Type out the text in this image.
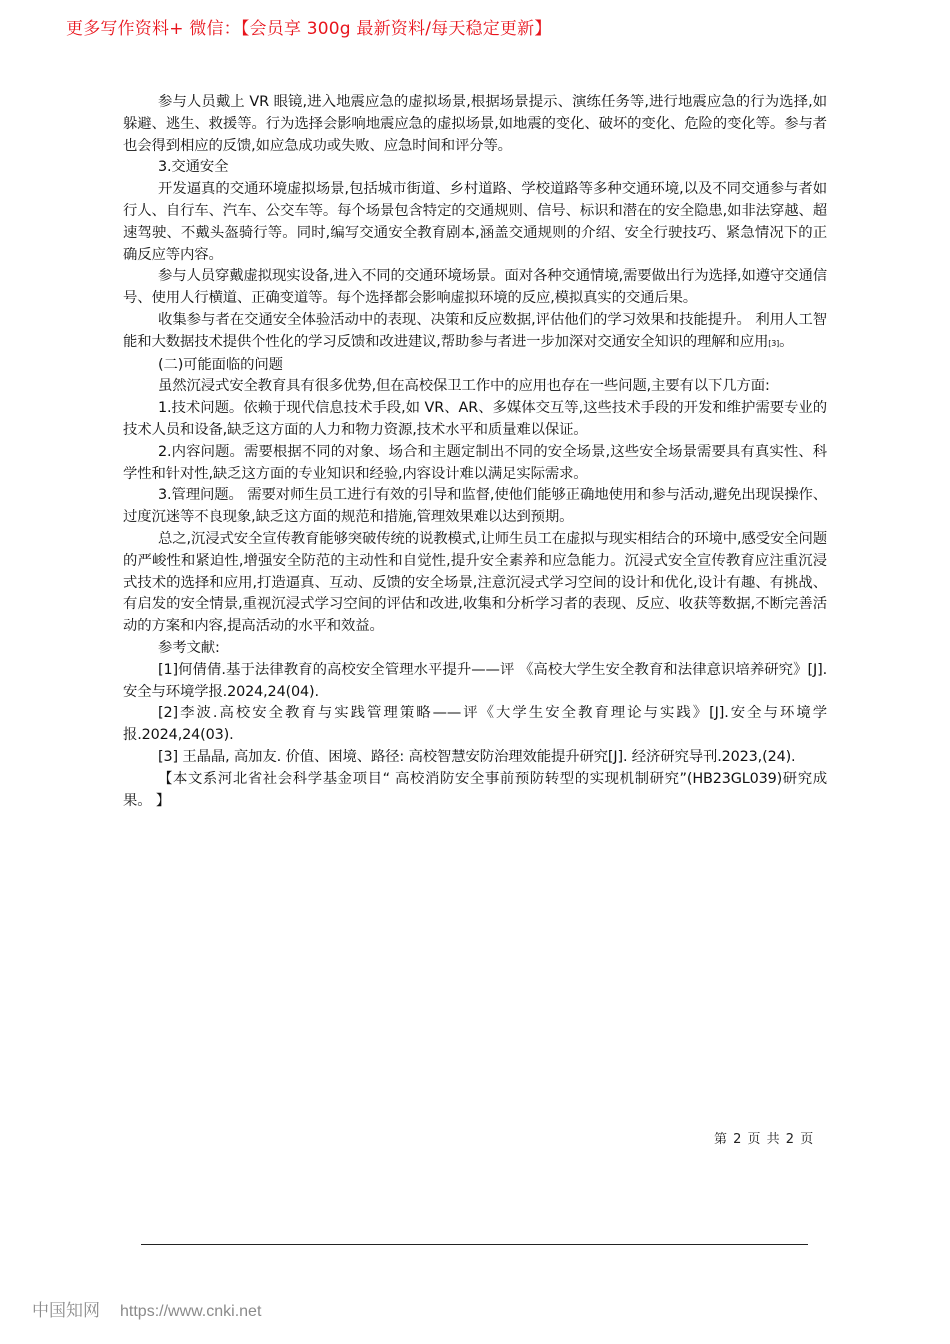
更多写作资料+ 微信：【会员享 300g 最新资料/每天稳定更新】

参与人员戴上 VR 眼镜,进入地震应急的虚拟场景,根据场景提示、演练任务等,进行地震应急的行为选择,如躲避、逃生、救援等。行为选择会影响地震应急的虚拟场景,如地震的变化、破坏的变化、危险的变化等。参与者也会得到相应的反馈,如应急成功或失败、应急时间和评分等。

3.交通安全

开发逼真的交通环境虚拟场景,包括城市街道、乡村道路、学校道路等多种交通环境,以及不同交通参与者如行人、自行车、汽车、公交车等。每个场景包含特定的交通规则、信号、标识和潜在的安全隐患,如非法穿越、超速驾驶、不戴头盔骑行等。同时,编写交通安全教育剧本,涵盖交通规则的介绍、安全行驶技巧、紧急情况下的正确反应等内容。

参与人员穿戴虚拟现实设备,进入不同的交通环境场景。面对各种交通情境,需要做出行为选择,如遵守交通信号、使用人行横道、正确变道等。每个选择都会影响虚拟环境的反应,模拟真实的交通后果。

收集参与者在交通安全体验活动中的表现、决策和反应数据,评估他们的学习效果和技能提升。 利用人工智能和大数据技术提供个性化的学习反馈和改进建议,帮助参与者进一步加深对交通安全知识的理解和应用[3]。

(二)可能面临的问题

虽然沉浸式安全教育具有很多优势,但在高校保卫工作中的应用也存在一些问题,主要有以下几方面:

1.技术问题。依赖于现代信息技术手段,如 VR、AR、多媒体交互等,这些技术手段的开发和维护需要专业的技术人员和设备,缺乏这方面的人力和物力资源,技术水平和质量难以保证。

2.内容问题。需要根据不同的对象、场合和主题定制出不同的安全场景,这些安全场景需要具有真实性、科学性和针对性,缺乏这方面的专业知识和经验,内容设计难以满足实际需求。

3.管理问题。 需要对师生员工进行有效的引导和监督,使他们能够正确地使用和参与活动,避免出现误操作、过度沉迷等不良现象,缺乏这方面的规范和措施,管理效果难以达到预期。

总之,沉浸式安全宣传教育能够突破传统的说教模式,让师生员工在虚拟与现实相结合的环境中,感受安全问题的严峻性和紧迫性,增强安全防范的主动性和自觉性,提升安全素养和应急能力。沉浸式安全宣传教育应注重沉浸式技术的选择和应用,打造逼真、互动、反馈的安全场景,注意沉浸式学习空间的设计和优化,设计有趣、有挑战、有启发的安全情景,重视沉浸式学习空间的评估和改进,收集和分析学习者的表现、反应、收获等数据,不断完善活动的方案和内容,提高活动的水平和效益。

参考文献:

[1]何倩倩.基于法律教育的高校安全管理水平提升——评 《高校大学生安全教育和法律意识培养研究》[J].安全与环境学报.2024,24(04).

[2]李波.高校安全教育与实践管理策略——评《大学生安全教育理论与实践》[J].安全与环境学报.2024,24(03).

[3] 王晶晶, 高加友. 价值、困境、路径: 高校智慧安防治理效能提升研究[J]. 经济研究导刊.2023,(24).

【本文系河北省社会科学基金项目“ 高校消防安全事前预防转型的实现机制研究”(HB23GL039)研究成果。 】

第 2 页 共 2 页
中国知网 https://www.cnki.net
